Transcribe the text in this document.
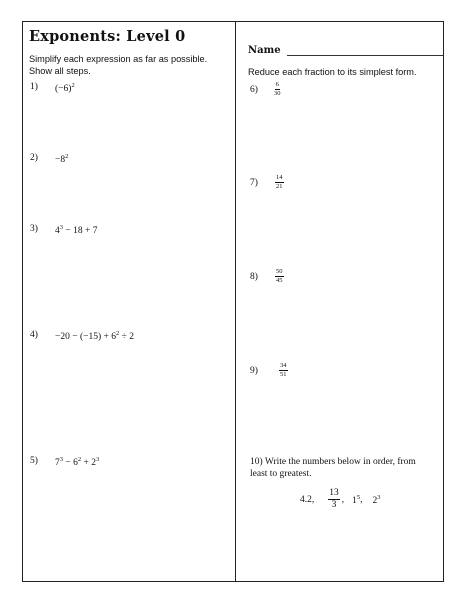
Exponents: Level 0
Simplify each expression as far as possible. Show all steps.
Name
Reduce each fraction to its simplest form.
1) $(-6)^2$
$2) -8^2$
3) $4^3 - 18 + 7$
$4) -20 - (-15) + 6^2 \div 2$
5) $7^3 - 6^2 + 2^3$
$6) \frac{6}{30}$
7)	$\frac{14}{21}$
8)	$\frac{50}{45}$
9)	$\frac{34}{51}$
10) Write the numbers below in order, from least to greatest.
4.2,
13
3
, $1^5$ , $2^3$
